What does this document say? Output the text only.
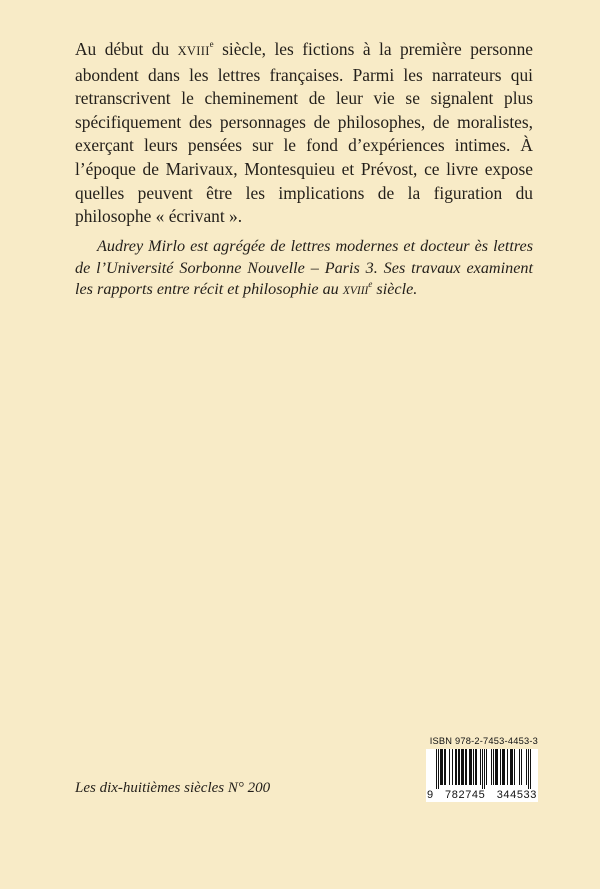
Au début du XVIIIe siècle, les fictions à la première personne abondent dans les lettres françaises. Parmi les narrateurs qui retranscrivent le cheminement de leur vie se signalent plus spécifiquement des personnages de philosophes, de moralistes, exerçant leurs pensées sur le fond d’expériences intimes. À l’époque de Marivaux, Montesquieu et Prévost, ce livre expose quelles peuvent être les implications de la figuration du philosophe « écrivant ».

Audrey Mirlo est agrégée de lettres modernes et docteur ès lettres de l’Université Sorbonne Nouvelle – Paris 3. Ses travaux examinent les rapports entre récit et philosophie au XVIIIe siècle.

Les dix-huitièmes siècles N° 200
ISBN 978-2-7453-4453-3
9 782745 344533
